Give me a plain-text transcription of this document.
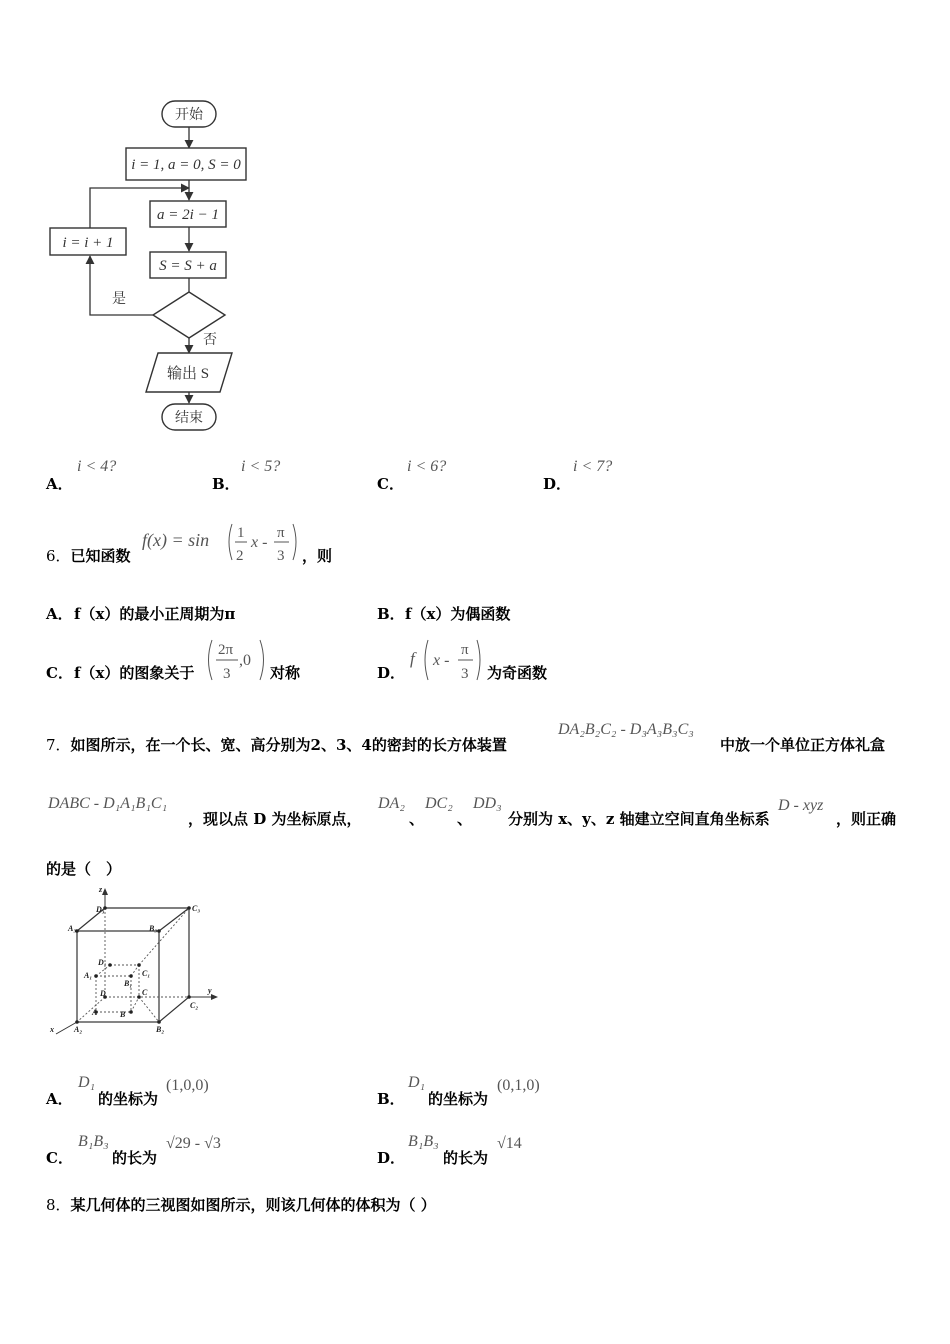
开始
i = 1, a = 0, S = 0
a = 2i − 1
S = S + a
是
i = i + 1
否
输出 S
结束
A．
i < 4?
B．
i < 5?
C．
i < 6?
D．
i < 7?
6．已知函数
f(x) = sin 1
2
x -
π
3 ，则
A． f（x）的最小正周期为π	B． f（x）为偶函数
C． f（x）的图象关于
2π
3
,0
对称	D．
f x -
π
3 为奇函数
7．如图所示，在一个长、宽、高分别为2、3、4的密封的长方体装置
DA₂B₂C₂ - D₃A₃B₃C₃
中放一个单位正方体礼盒
DABC - D₁A₁B₁C₁
，现以点 D 为坐标原点，
DA₂
、
DC₂
、
DD₃
分别为 x、y、z 轴建立空间直角坐标系
D - xyz
，则正确
的是（　）
z
D₃	C₃
A₃	B₃
D₁
A₁	C₁
B₁
D	C	y
A	B
C₂
x	A₂	B₂
A．
D₁
的坐标为
(1,0,0)
B．
D₁
的坐标为
(0,1,0)
C．
B₁B₃
的长为
√29 - √3
D．
B₁B₃
的长为
√14
8．某几何体的三视图如图所示，则该几何体的体积为（ ）
